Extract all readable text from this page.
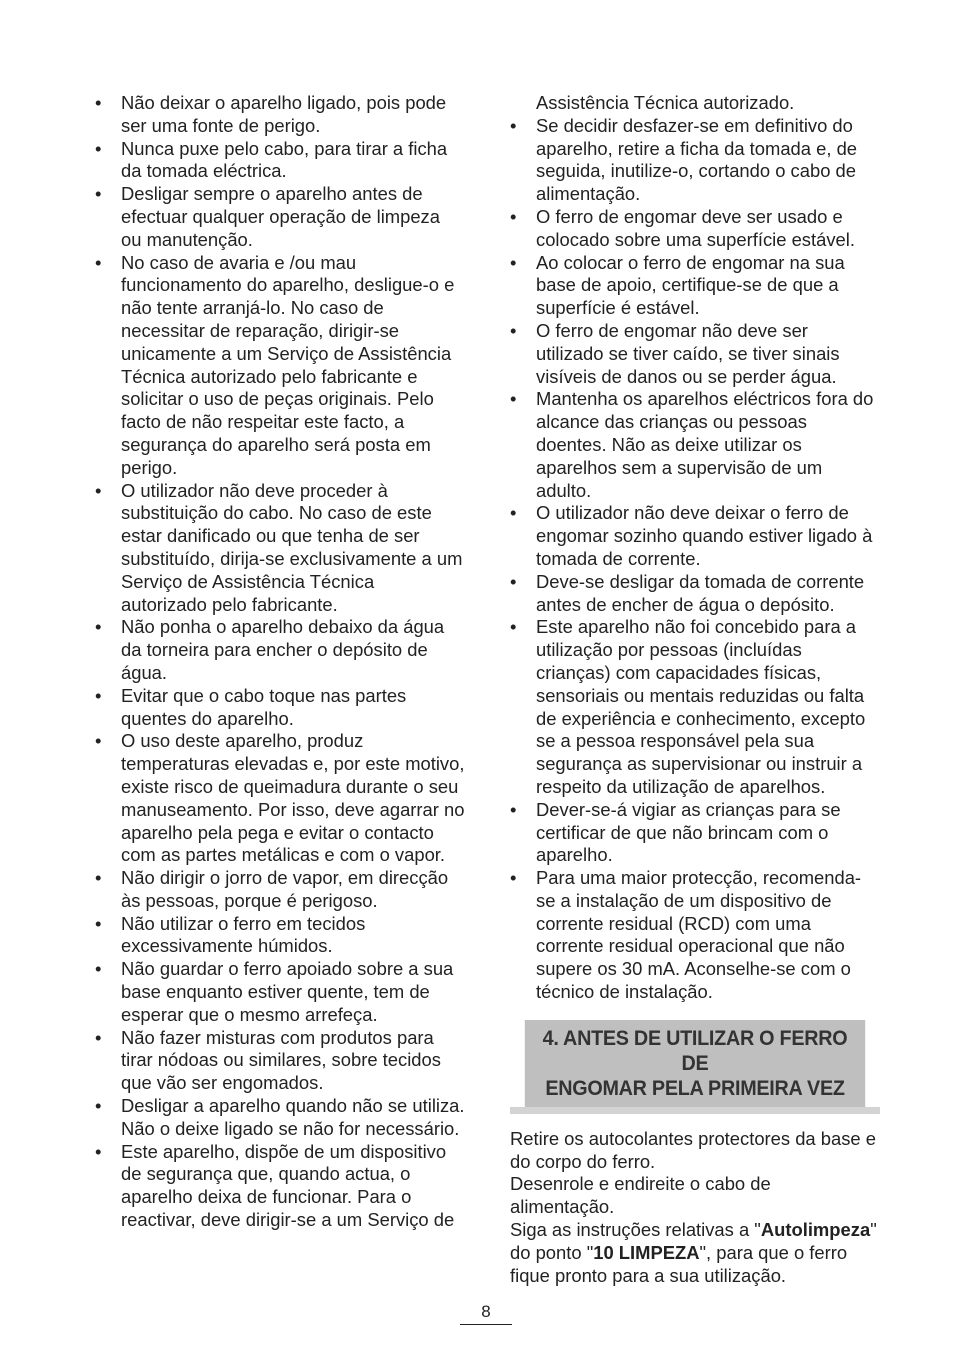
• Não deixar o aparelho ligado, pois pode ser uma fonte de perigo.
• Nunca puxe pelo cabo, para tirar a ficha da tomada eléctrica.
• Desligar sempre o aparelho antes de efectuar qualquer operação de limpeza ou manutenção.
• No caso de avaria e /ou mau funcionamento do aparelho, desligue-o e não tente arranjá-lo. No caso de necessitar de reparação, dirigir-se unicamente a um Serviço de Assistência Técnica autorizado pelo fabricante e solicitar o uso de peças originais. Pelo facto de não respeitar este facto, a segurança do aparelho será posta em perigo.
• O utilizador não deve proceder à substituição do cabo. No caso de este estar danificado ou que tenha de ser substituído, dirija-se exclusivamente a um Serviço de Assistência Técnica autorizado pelo fabricante.
• Não ponha o aparelho debaixo da água da torneira para encher o depósito de água.
• Evitar que o cabo toque nas partes quentes do aparelho.
• O uso deste aparelho, produz temperaturas elevadas e, por este motivo, existe risco de queimadura durante o seu manuseamento. Por isso, deve agarrar no aparelho pela pega e evitar o contacto com as partes metálicas e com o vapor.
• Não dirigir o jorro de vapor, em direcção às pessoas, porque é perigoso.
• Não utilizar o ferro em tecidos excessivamente húmidos.
• Não guardar o ferro apoiado sobre a sua base enquanto estiver quente, tem de esperar que o mesmo arrefeça.
• Não fazer misturas com produtos para tirar nódoas ou similares, sobre tecidos que vão ser engomados.
• Desligar a aparelho quando não se utiliza. Não o deixe ligado se não for necessário.
• Este aparelho, dispõe de um dispositivo de segurança que, quando actua, o aparelho deixa de funcionar. Para o reactivar, deve dirigir-se a um Serviço de
Assistência Técnica autorizado.
• Se decidir desfazer-se em definitivo do aparelho, retire a ficha da tomada e, de seguida, inutilize-o, cortando o cabo de alimentação.
• O ferro de engomar deve ser usado e colocado sobre uma superfície estável.
• Ao colocar o ferro de engomar na sua base de apoio, certifique-se de que a superfície é estável.
• O ferro de engomar não deve ser utilizado se tiver caído, se tiver sinais visíveis de danos ou se perder água.
• Mantenha os aparelhos eléctricos fora do alcance das crianças ou pessoas doentes. Não as deixe utilizar os aparelhos sem a supervisão de um adulto.
• O utilizador não deve deixar o ferro de engomar sozinho quando estiver ligado à tomada de corrente.
• Deve-se desligar da tomada de corrente antes de encher de água o depósito.
• Este aparelho não foi concebido para a utilização por pessoas (incluídas crianças) com capacidades físicas, sensoriais ou mentais reduzidas ou falta de experiência e conhecimento, excepto se a pessoa responsável pela sua segurança as supervisionar ou instruir a respeito da utilização de aparelhos.
• Dever-se-á vigiar as crianças para se certificar de que não brincam com o aparelho.
• Para uma maior protecção, recomenda-se a instalação de um dispositivo de corrente residual (RCD) com uma corrente residual operacional que não supere os 30 mA. Aconselhe-se com o técnico de instalação.
4. ANTES DE UTILIZAR O FERRO DE
ENGOMAR PELA PRIMEIRA VEZ

Retire os autocolantes protectores da base e do corpo do ferro.

Desenrole e endireite o cabo de alimentação.

Siga as instruções relativas a "Autolimpeza" do ponto "10 LIMPEZA", para que o ferro fique pronto para a sua utilização.

8
